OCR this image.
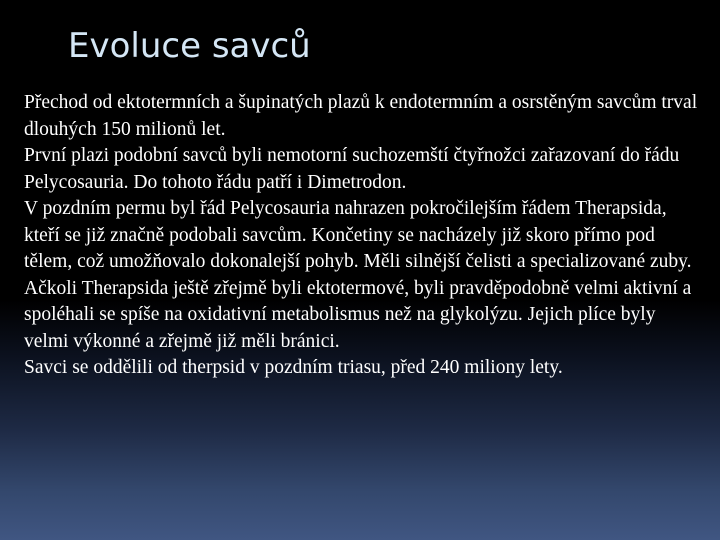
Evoluce savců

Přechod od ektotermních a šupinatých plazů k endotermním a osrstěným savcům trval dlouhých 150 milionů let.

První plazi podobní savců byli nemotorní suchozemští čtyřnožci zařazovaní do řádu Pelycosauria. Do tohoto řádu patří i Dimetrodon.

V pozdním permu byl řád Pelycosauria nahrazen pokročilejším řádem Therapsida, kteří se již značně podobali savcům. Končetiny se nacházely již skoro přímo pod tělem, což umožňovalo dokonalejší pohyb. Měli silnější čelisti a specializované zuby. Ačkoli Therapsida ještě zřejmě byli ektotermové, byli pravděpodobně velmi aktivní a spoléhali se spíše na oxidativní metabolismus než na glykolýzu. Jejich plíce byly velmi výkonné a zřejmě již měli bránici.

Savci se oddělili od therpsid v pozdním triasu, před 240 miliony lety.
